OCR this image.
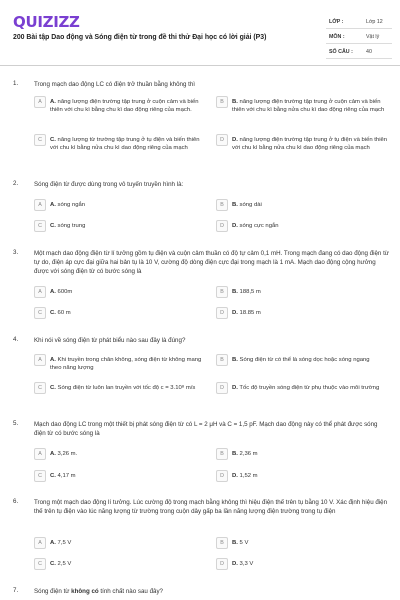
QUIZIZZ
200 Bài tập Dao động và Sóng điện từ trong đề thi thử Đại học có lời giải (P3)
LỚP :	Lớp 12
MÔN :	Vật lý
SỐ CÂU : 40
1.	Trong mạch dao động LC có điện trở thuần bằng không thì
A	A. năng lượng điện trường tập trung ở cuộn cảm và biến thiên với chu kì bằng chu kì dao động riêng của mạch.
B	B. năng lượng điện trường tập trung ở cuộn cảm và biến thiên với chu kì bằng nửa chu kì dao động riêng của mạch
C	C. năng lượng từ trường tập trung ở tụ điện và biến thiên với chu kì bằng nửa chu kì dao động riêng của mạch
D	D. năng lượng điện trường tập trung ở tụ điện và biến thiên với chu kì bằng nửa chu kì dao động riêng của mạch
2.	Sóng điện từ được dùng trong vô tuyến truyền hình là:
A	A. sóng ngắn	B	B. sóng dài
C	C. sóng trung	D	D. sóng cực ngắn
3.	Một mạch dao động điện từ lí tưởng gồm tụ điện và cuộn cảm thuần có độ tự cảm 0,1 mH. Trong mạch đang có dao động điện từ tự do, điện áp cực đại giữa hai bản tụ là 10 V, cường độ dòng điện cực đại trong mạch là 1 mA. Mạch dao động cộng hưởng được với sóng điện từ có bước sóng là
A	A. 600m	B	B. 188,5 m
C	C. 60 m	D	D. 18.85 m
4.	Khi nói về sóng điện từ phát biểu nào sau đây là đúng?
A	A. Khi truyền trong chân không, sóng điện từ không mang theo năng lượng
B	B. Sóng điện từ có thể là sóng dọc hoặc sóng ngang
C	C. Sóng điện từ luôn lan truyền với tốc độ c = 3.10⁸ m/s	D	D. Tốc độ truyền sóng điện từ phụ thuộc vào môi trường
5.	Mạch dao động LC trong một thiết bị phát sóng điện từ có L = 2 μH và C = 1,5 pF. Mạch dao động này có thể phát được sóng điện từ có bước sóng là
A	A. 3,26 m.	B	B. 2,36 m
C	C. 4,17 m	D	D. 1,52 m
6.	Trong một mạch dao động lí tưởng. Lúc cường độ trong mạch bằng không thì hiệu điện thế trên tụ bằng 10 V. Xác định hiệu điện thế trên tụ điện vào lúc năng lượng từ trường trong cuộn dây gấp ba lần năng lượng điện trường trong tụ điện
A	A. 7,5 V	B	B. 5 V
C	C. 2,5 V	D	D. 3,3 V
7.	Sóng điện từ không có tính chất nào sau đây?
